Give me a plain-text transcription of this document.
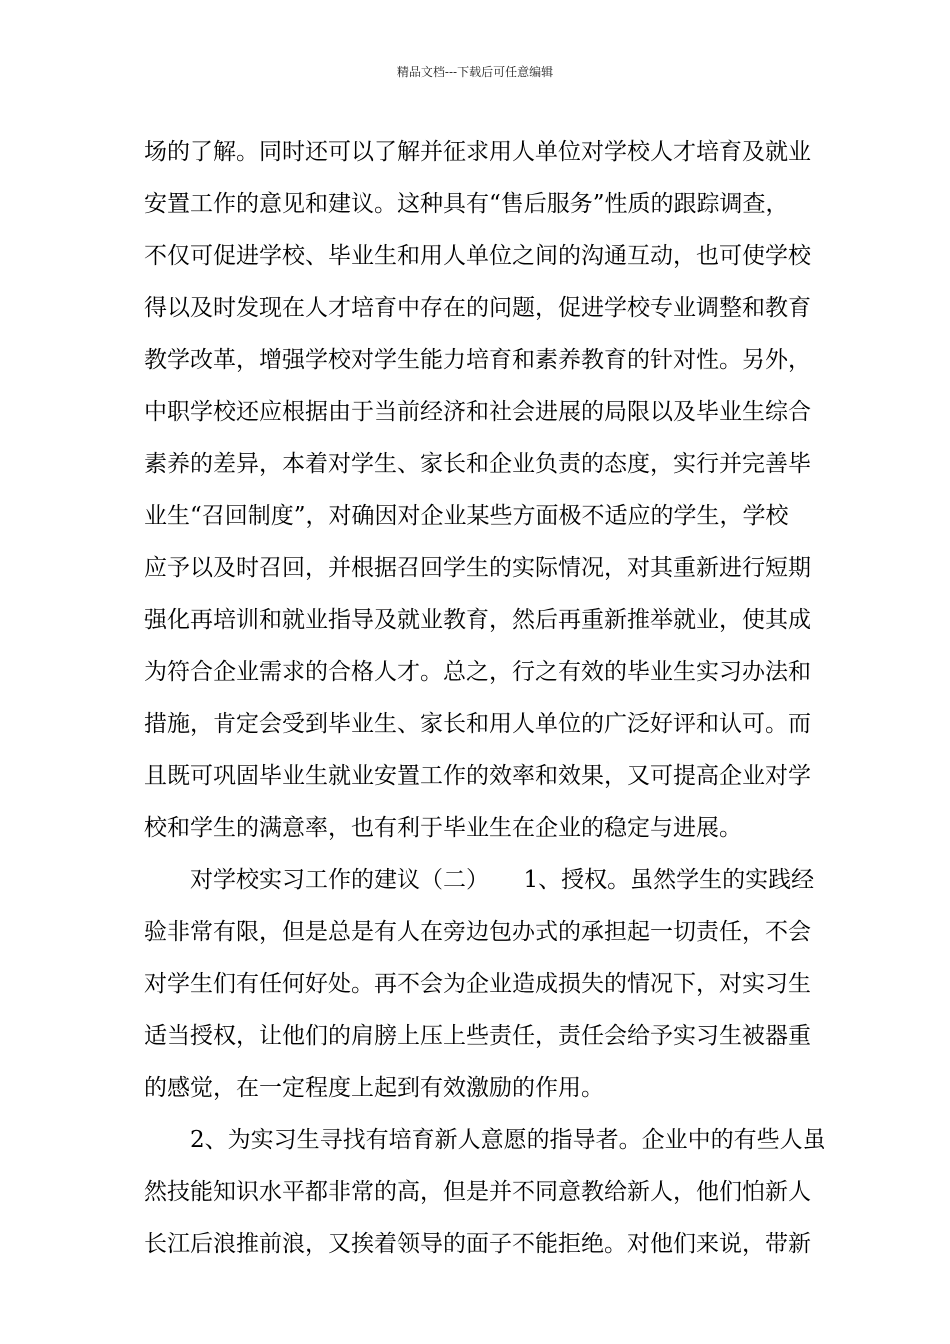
精品文档---下载后可任意编辑
场的了解。同时还可以了解并征求用人单位对学校人才培育及就业
安置工作的意见和建议。这种具有“售后服务”性质的跟踪调查，
不仅可促进学校、毕业生和用人单位之间的沟通互动，也可使学校
得以及时发现在人才培育中存在的问题，促进学校专业调整和教育
教学改革，增强学校对学生能力培育和素养教育的针对性。另外，
中职学校还应根据由于当前经济和社会进展的局限以及毕业生综合
素养的差异，本着对学生、家长和企业负责的态度，实行并完善毕
业生“召回制度”，对确因对企业某些方面极不适应的学生，学校
应予以及时召回，并根据召回学生的实际情况，对其重新进行短期
强化再培训和就业指导及就业教育，然后再重新推举就业，使其成
为符合企业需求的合格人才。总之，行之有效的毕业生实习办法和
措施，肯定会受到毕业生、家长和用人单位的广泛好评和认可。而
且既可巩固毕业生就业安置工作的效率和效果，又可提高企业对学
校和学生的满意率，也有利于毕业生在企业的稳定与进展。
对学校实习工作的建议（二）　　1、授权。虽然学生的实践经
验非常有限，但是总是有人在旁边包办式的承担起一切责任，不会
对学生们有任何好处。再不会为企业造成损失的情况下，对实习生
适当授权，让他们的肩膀上压上些责任，责任会给予实习生被器重
的感觉，在一定程度上起到有效激励的作用。
2、为实习生寻找有培育新人意愿的指导者。企业中的有些人虽
然技能知识水平都非常的高，但是并不同意教给新人，他们怕新人
长江后浪推前浪，又挨着领导的面子不能拒绝。对他们来说，带新
